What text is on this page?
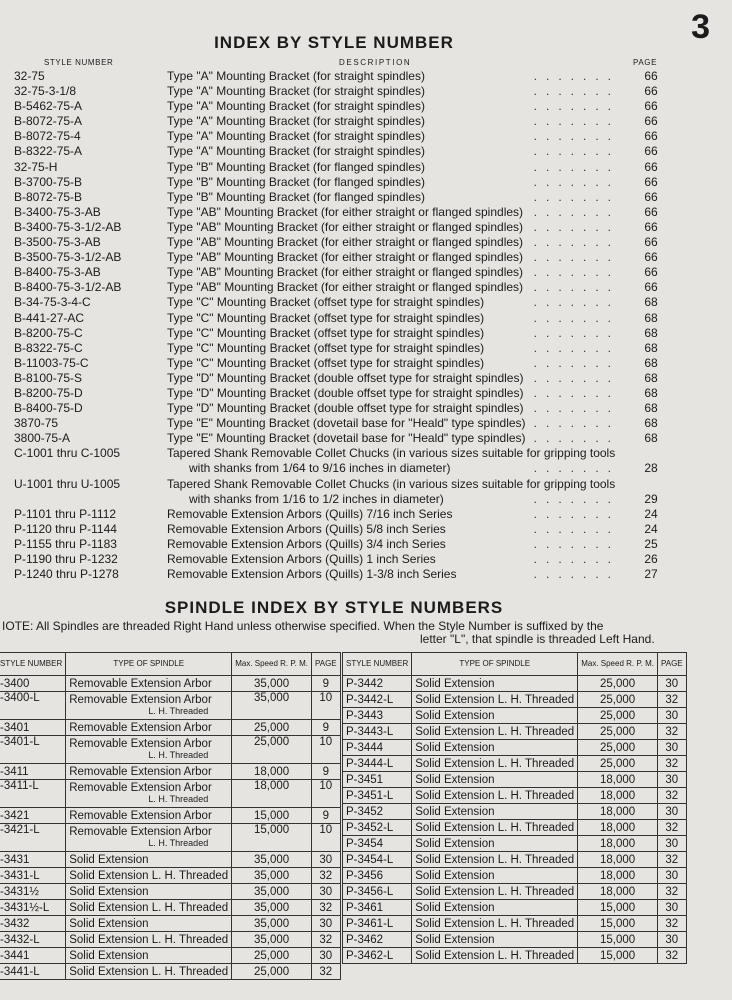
3
INDEX BY STYLE NUMBER
STYLE NUMBER	DESCRIPTION	PAGE
32-75	Type "A" Mounting Bracket (for straight spindles)	....... 66
32-75-3-1/8	Type "A" Mounting Bracket (for straight spindles)	....... 66
B-5462-75-A	Type "A" Mounting Bracket (for straight spindles)	....... 66
B-8072-75-A	Type "A" Mounting Bracket (for straight spindles)	....... 66
B-8072-75-4	Type "A" Mounting Bracket (for straight spindles)	....... 66
B-8322-75-A	Type "A" Mounting Bracket (for straight spindles)	....... 66
32-75-H	Type "B" Mounting Bracket (for flanged spindles)	....... 66
B-3700-75-B	Type "B" Mounting Bracket (for flanged spindles)	....... 66
B-8072-75-B	Type "B" Mounting Bracket (for flanged spindles)	....... 66
B-3400-75-3-AB	Type "AB" Mounting Bracket (for either straight or flanged spindles) ....... 66
B-3400-75-3-1/2-AB	Type "AB" Mounting Bracket (for either straight or flanged spindles) ....... 66
B-3500-75-3-AB	Type "AB" Mounting Bracket (for either straight or flanged spindles) ....... 66
B-3500-75-3-1/2-AB	Type "AB" Mounting Bracket (for either straight or flanged spindles) ....... 66
B-8400-75-3-AB	Type "AB" Mounting Bracket (for either straight or flanged spindles) ....... 66
B-8400-75-3-1/2-AB	Type "AB" Mounting Bracket (for either straight or flanged spindles) ....... 66
B-34-75-3-4-C	Type "C" Mounting Bracket (offset type for straight spindles)	....... 68
B-441-27-AC	Type "C" Mounting Bracket (offset type for straight spindles)	....... 68
B-8200-75-C	Type "C" Mounting Bracket (offset type for straight spindles)	....... 68
B-8322-75-C	Type "C" Mounting Bracket (offset type for straight spindles)	....... 68
B-11003-75-C	Type "C" Mounting Bracket (offset type for straight spindles)	....... 68
B-8100-75-S	Type "D" Mounting Bracket (double offset type for straight spindles) ....... 68
B-8200-75-D	Type "D" Mounting Bracket (double offset type for straight spindles) ....... 68
B-8400-75-D	Type "D" Mounting Bracket (double offset type for straight spindles) ....... 68
3870-75	Type "E" Mounting Bracket (dovetail base for "Heald" type spindles) ....... 68
3800-75-A	Type "E" Mounting Bracket (dovetail base for "Heald" type spindles) ....... 68
C-1001 thru C-1005	Tapered Shank Removable Collet Chucks (in various sizes suitable for gripping tools
with shanks from 1/64 to 9/16 inches in diameter)	....... 28
U-1001 thru U-1005	Tapered Shank Removable Collet Chucks (in various sizes suitable for gripping tools
with shanks from 1/16 to 1/2 inches in diameter)	....... 29
P-1101 thru P-1112	Removable Extension Arbors (Quills) 7/16 inch Series	....... 24
P-1120 thru P-1144	Removable Extension Arbors (Quills) 5/8 inch Series	....... 24
P-1155 thru P-1183	Removable Extension Arbors (Quills) 3/4 inch Series	....... 25
P-1190 thru P-1232	Removable Extension Arbors (Quills) 1 inch Series	....... 26
P-1240 thru P-1278	Removable Extension Arbors (Quills) 1-3/8 inch Series	....... 27
SPINDLE INDEX BY STYLE NUMBERS
IOTE: All Spindles are threaded Right Hand unless otherwise specified. When the Style Number is suffixed by the
letter "L", that spindle is threaded Left Hand.
STYLE NUMBER	TYPE OF SPINDLE	Max. Speed R. P. M.	PAGE
-3400	Removable Extension Arbor	35,000	9
-3400-L	Removable Extension Arbor
L. H. Threaded	35,000	10
-3401	Removable Extension Arbor	25,000	9
-3401-L	Removable Extension Arbor
L. H. Threaded	25,000	10
-3411	Removable Extension Arbor	18,000	9
-3411-L	Removable Extension Arbor
L. H. Threaded	18,000	10
-3421	Removable Extension Arbor	15,000	9
-3421-L	Removable Extension Arbor
L. H. Threaded	15,000	10
-3431	Solid Extension	35,000	30
-3431-L	Solid Extension L. H. Threaded	35,000	32
-3431½	Solid Extension	35,000	30
-3431½-L	Solid Extension L. H. Threaded	35,000	32
-3432	Solid Extension	35,000	30
-3432-L	Solid Extension L. H. Threaded	35,000	32
-3441	Solid Extension	25,000	30
-3441-L	Solid Extension L. H. Threaded	25,000	32
STYLE NUMBER	TYPE OF SPINDLE	Max. Speed R. P. M.	PAGE
P-3442	Solid Extension	25,000	30
P-3442-L	Solid Extension L. H. Threaded	25,000	32
P-3443	Solid Extension	25,000	30
P-3443-L	Solid Extension L. H. Threaded	25,000	32
P-3444	Solid Extension	25,000	30
P-3444-L	Solid Extension L. H. Threaded	25,000	32
P-3451	Solid Extension	18,000	30
P-3451-L	Solid Extension L. H. Threaded	18,000	32
P-3452	Solid Extension	18,000	30
P-3452-L	Solid Extension L. H. Threaded	18,000	32
P-3454	Solid Extension	18,000	30
P-3454-L	Solid Extension L. H. Threaded	18,000	32
P-3456	Solid Extension	18,000	30
P-3456-L	Solid Extension L. H. Threaded	18,000	32
P-3461	Solid Extension	15,000	30
P-3461-L	Solid Extension L. H. Threaded	15,000	32
P-3462	Solid Extension	15,000	30
P-3462-L	Solid Extension L. H. Threaded	15,000	32
